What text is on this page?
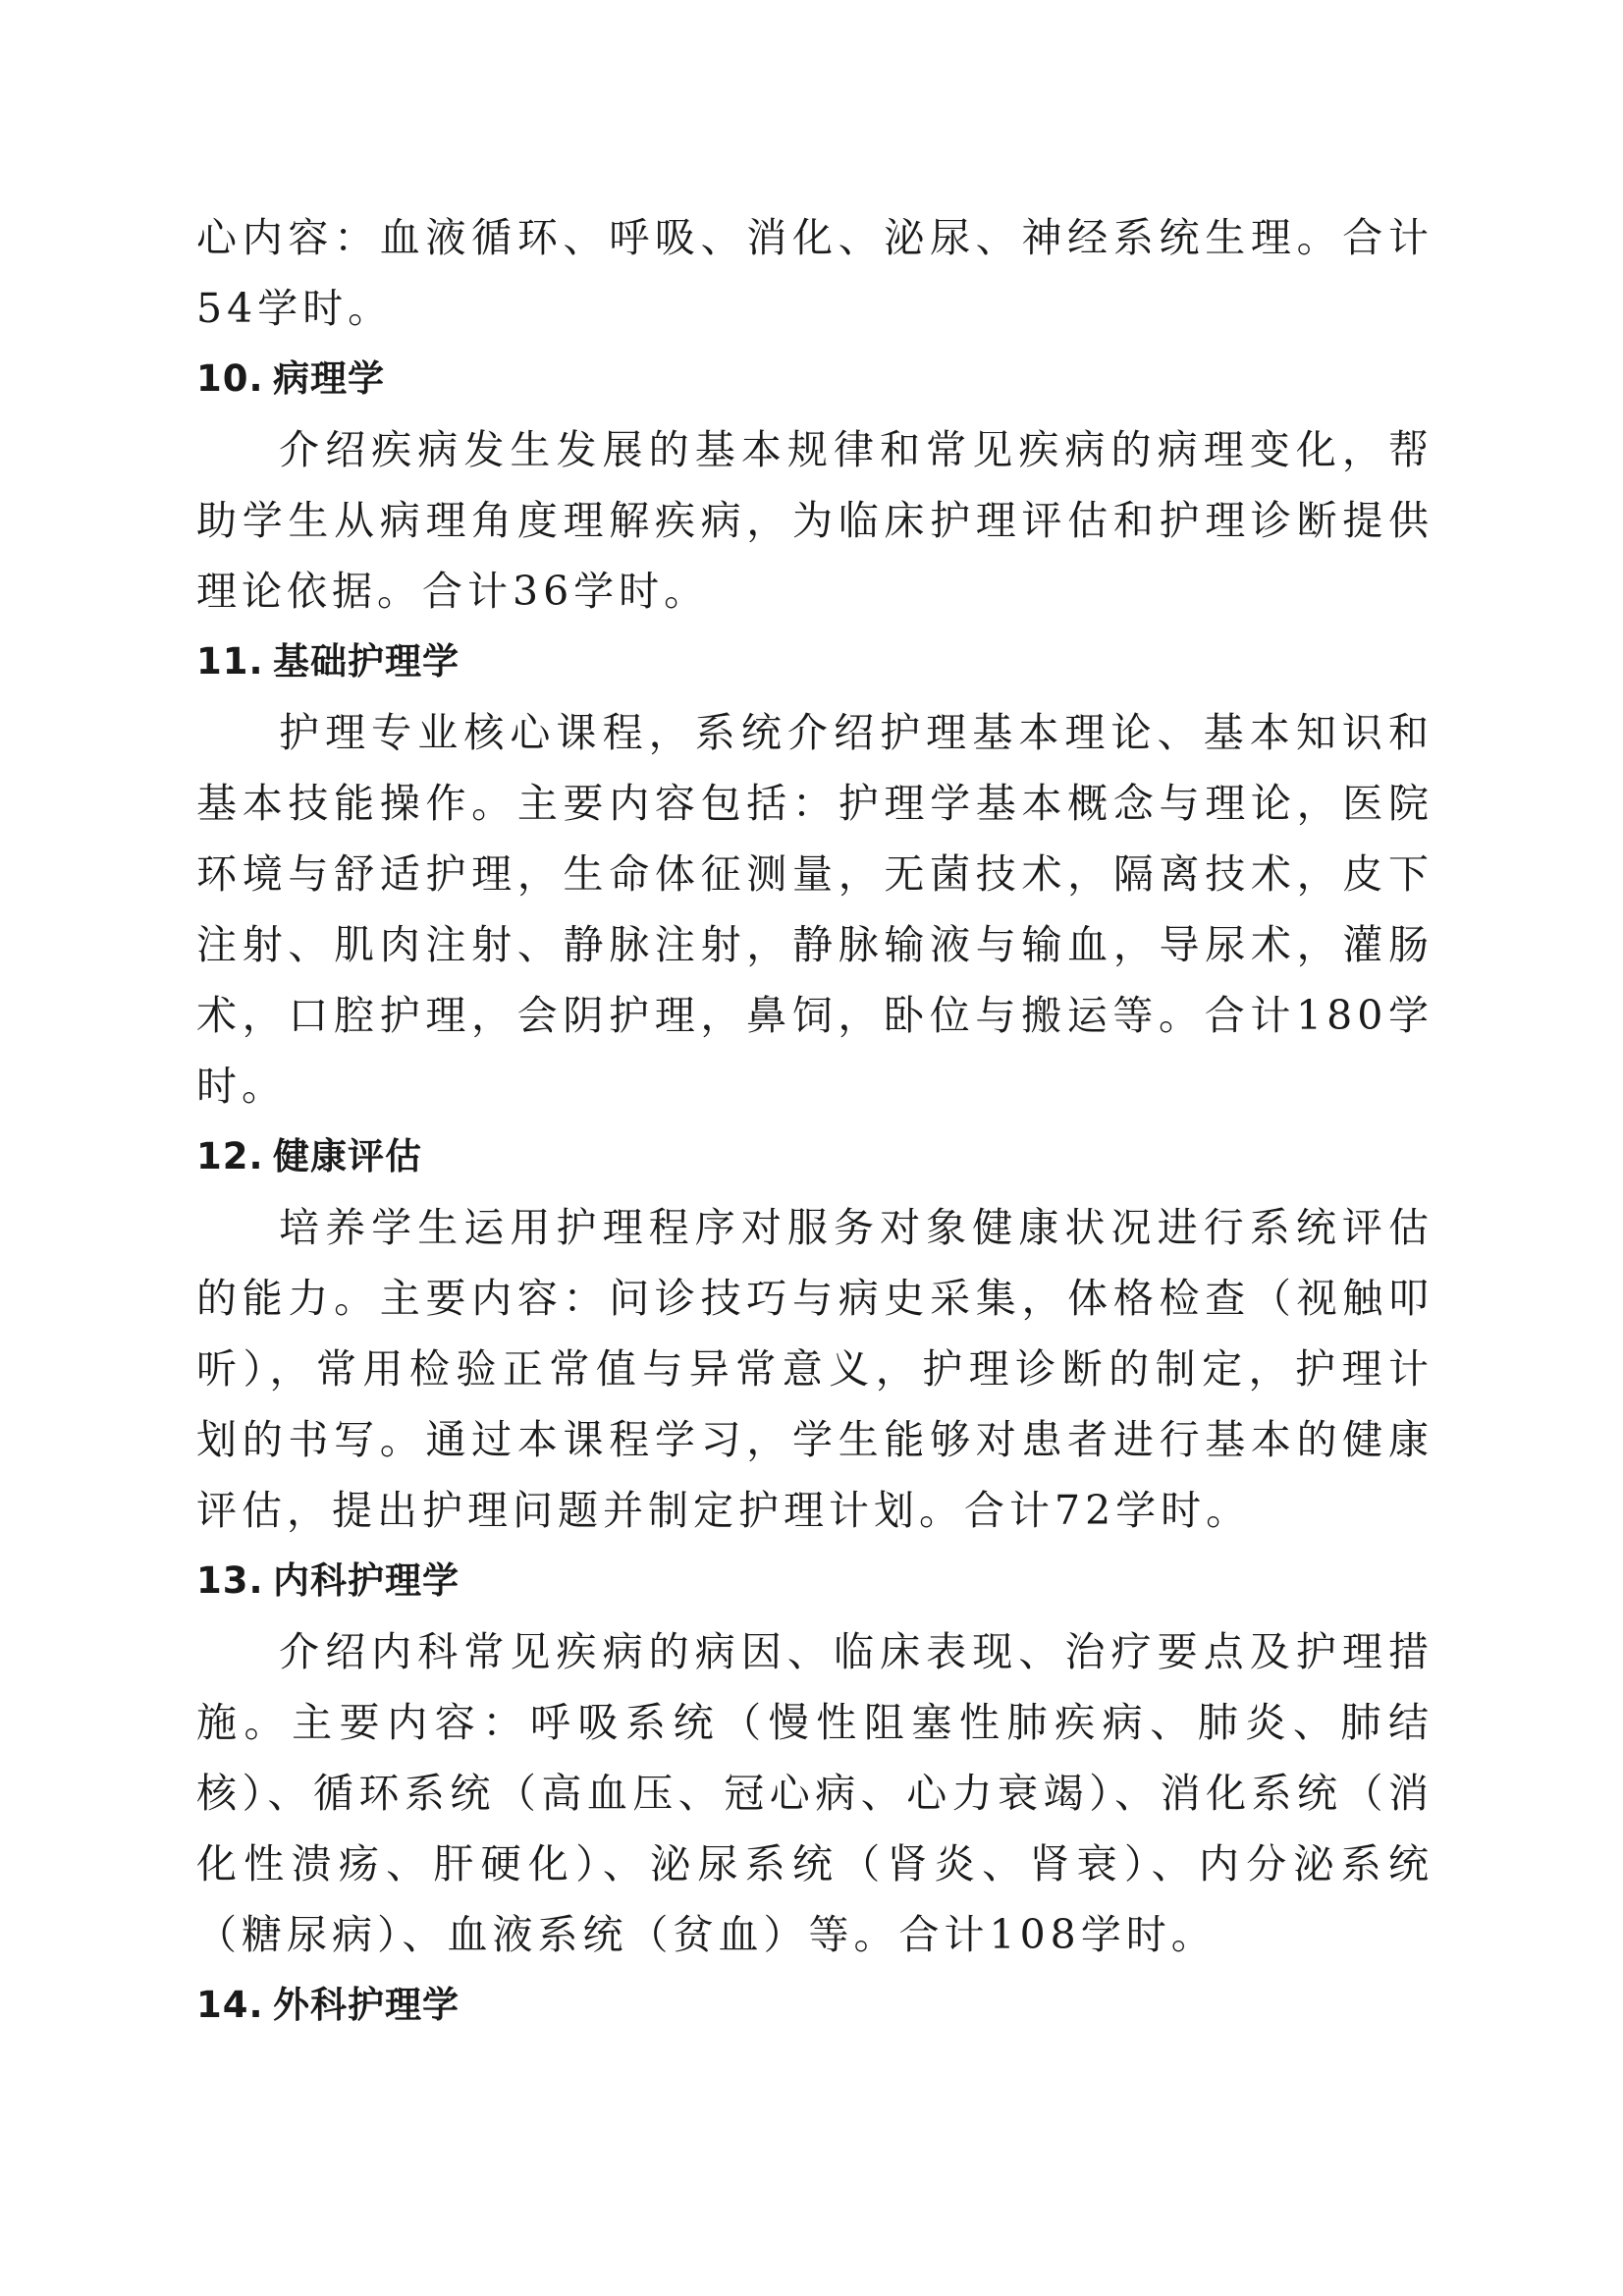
心内容：血液循环、呼吸、消化、泌尿、神经系统生理。合计54学时。

10. 病理学

介绍疾病发生发展的基本规律和常见疾病的病理变化，帮助学生从病理角度理解疾病，为临床护理评估和护理诊断提供理论依据。合计36学时。

11. 基础护理学

护理专业核心课程，系统介绍护理基本理论、基本知识和基本技能操作。主要内容包括：护理学基本概念与理论，医院环境与舒适护理，生命体征测量，无菌技术，隔离技术，皮下注射、肌肉注射、静脉注射，静脉输液与输血，导尿术，灌肠术，口腔护理，会阴护理，鼻饲，卧位与搬运等。合计180学时。

12. 健康评估

培养学生运用护理程序对服务对象健康状况进行系统评估的能力。主要内容：问诊技巧与病史采集，体格检查（视触叩听），常用检验正常值与异常意义，护理诊断的制定，护理计划的书写。通过本课程学习，学生能够对患者进行基本的健康评估，提出护理问题并制定护理计划。合计72学时。

13. 内科护理学

介绍内科常见疾病的病因、临床表现、治疗要点及护理措施。主要内容：呼吸系统（慢性阻塞性肺疾病、肺炎、肺结核）、循环系统（高血压、冠心病、心力衰竭）、消化系统（消化性溃疡、肝硬化）、泌尿系统（肾炎、肾衰）、内分泌系统（糖尿病）、血液系统（贫血）等。合计108学时。

14. 外科护理学
